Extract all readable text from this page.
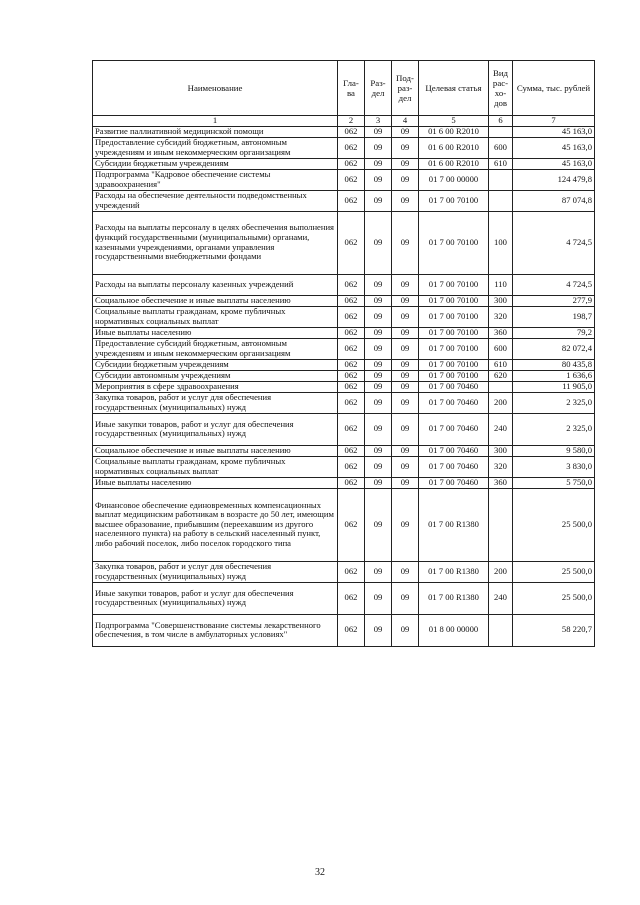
Наименование	Гла-ва	Раз-дел	Под-раз-дел	Целевая статья	Вид рас-хо-дов	Сумма, тыс. рублей
1	2	3	4	5	6	7
Развитие паллиативной медицинской помощи	062	09	09	01 6 00 R2010		45 163,0
Предоставление субсидий бюджетным, автономным учреждениям и иным некоммерческим организациям	062	09	09	01 6 00 R2010	600	45 163,0
Субсидии бюджетным учреждениям	062	09	09	01 6 00 R2010	610	45 163,0
Подпрограмма "Кадровое обеспечение системы здравоохранения"	062	09	09	01 7 00 00000		124 479,8
Расходы на обеспечение деятельности подведомственных учреждений	062	09	09	01 7 00 70100		87 074,8
Расходы на выплаты персоналу в целях обеспечения выполнения функций государственными (муниципальными) органами, казенными учреждениями, органами управления государственными внебюджетными фондами	062	09	09	01 7 00 70100	100	4 724,5
Расходы на выплаты персоналу казенных учреждений	062	09	09	01 7 00 70100	110	4 724,5
Социальное обеспечение и иные выплаты населению	062	09	09	01 7 00 70100	300	277,9
Социальные выплаты гражданам, кроме публичных нормативных социальных выплат	062	09	09	01 7 00 70100	320	198,7
Иные выплаты населению	062	09	09	01 7 00 70100	360	79,2
Предоставление субсидий бюджетным, автономным учреждениям и иным некоммерческим организациям	062	09	09	01 7 00 70100	600	82 072,4
Субсидии бюджетным учреждениям	062	09	09	01 7 00 70100	610	80 435,8
Субсидии автономным учреждениям	062	09	09	01 7 00 70100	620	1 636,6
Мероприятия в сфере здравоохранения	062	09	09	01 7 00 70460		11 905,0
Закупка товаров, работ и услуг для обеспечения государственных (муниципальных) нужд	062	09	09	01 7 00 70460	200	2 325,0
Иные закупки товаров, работ и услуг для обеспечения государственных (муниципальных) нужд	062	09	09	01 7 00 70460	240	2 325,0
Социальное обеспечение и иные выплаты населению	062	09	09	01 7 00 70460	300	9 580,0
Социальные выплаты гражданам, кроме публичных нормативных социальных выплат	062	09	09	01 7 00 70460	320	3 830,0
Иные выплаты населению	062	09	09	01 7 00 70460	360	5 750,0
Финансовое обеспечение единовременных компенсационных выплат медицинским работникам в возрасте до 50 лет, имеющим высшее образование, прибывшим (переехавшим из другого населенного пункта) на работу в сельский населенный пункт, либо рабочий поселок, либо поселок городского типа	062	09	09	01 7 00 R1380		25 500,0
Закупка товаров, работ и услуг для обеспечения государственных (муниципальных) нужд	062	09	09	01 7 00 R1380	200	25 500,0
Иные закупки товаров, работ и услуг для обеспечения государственных (муниципальных) нужд	062	09	09	01 7 00 R1380	240	25 500,0
Подпрограмма "Совершенствование системы лекарственного обеспечения, в том числе в амбулаторных условиях"	062	09	09	01 8 00 00000		58 220,7
32
